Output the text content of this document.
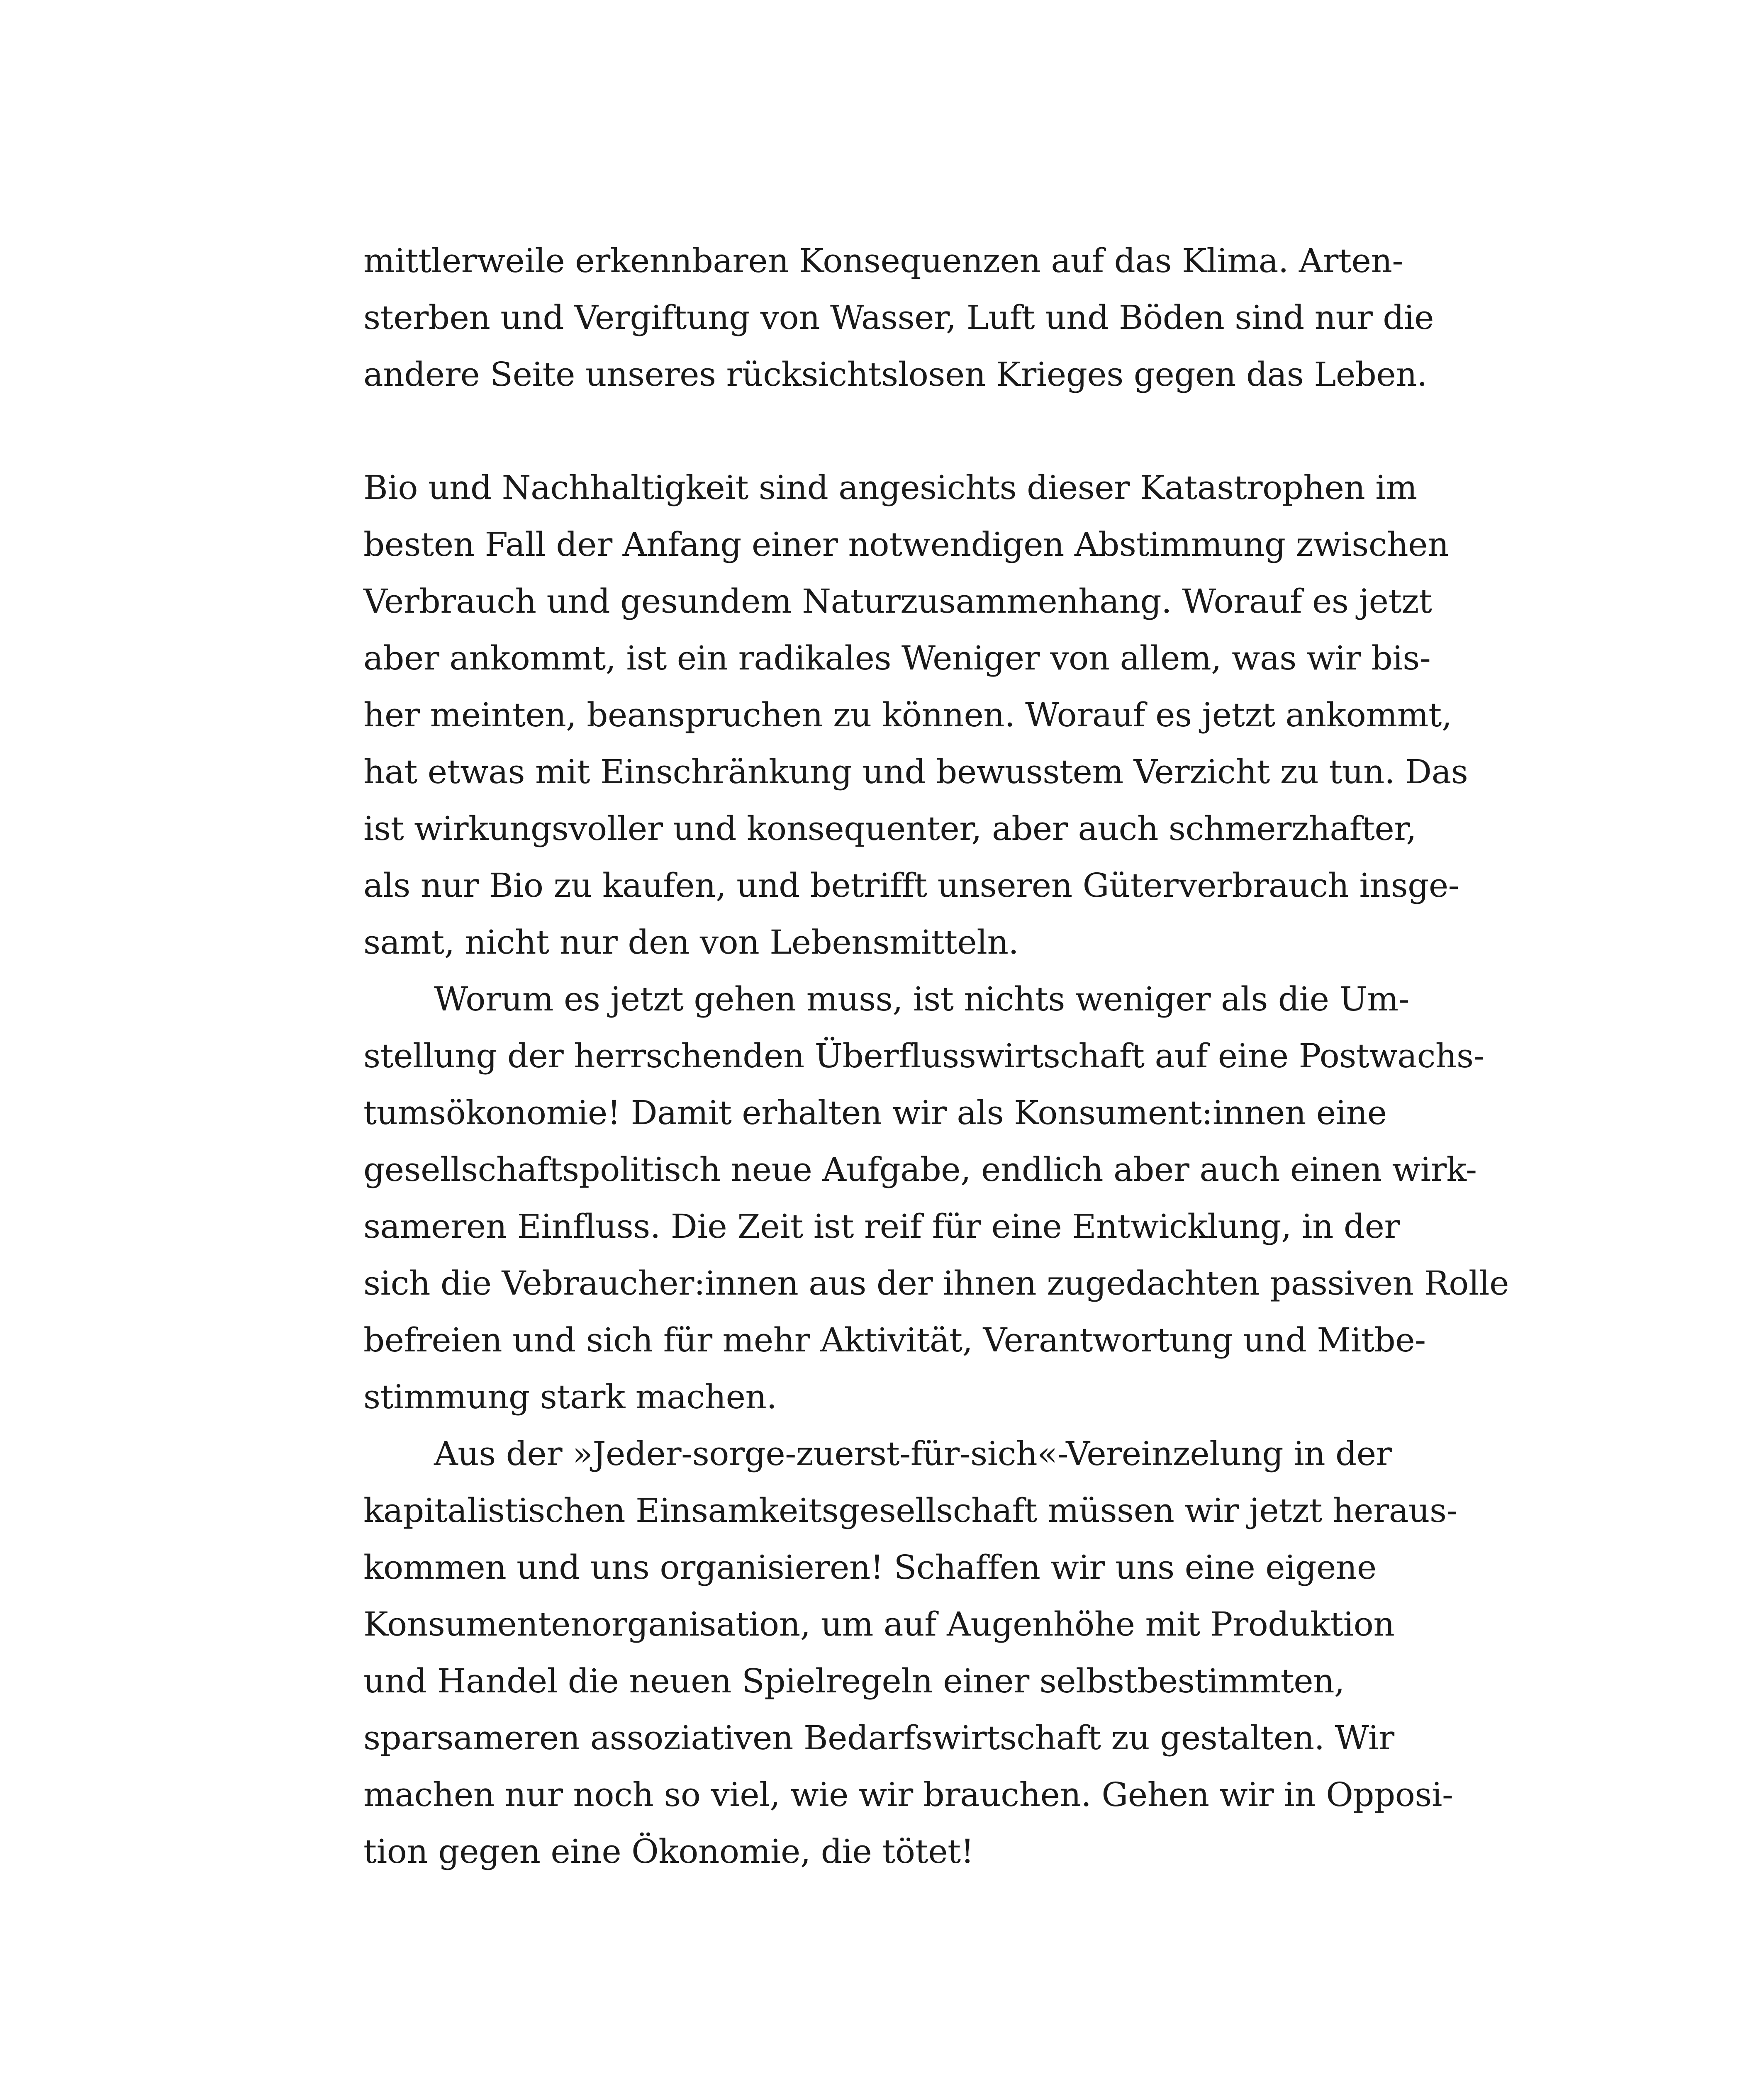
mittlerweile erkennbaren Konsequenzen auf das Klima. Arten-
sterben und Vergiftung von Wasser, Luft und Böden sind nur die
andere Seite unseres rücksichtslosen Krieges gegen das Leben.
Bio und Nachhaltigkeit sind angesichts dieser Katastrophen im
besten Fall der Anfang einer notwendigen Abstimmung zwischen
Verbrauch und gesundem Naturzusammenhang. Worauf es jetzt
aber ankommt, ist ein radikales Weniger von allem, was wir bis-
her meinten, beanspruchen zu können. Worauf es jetzt ankommt,
hat etwas mit Einschränkung und bewusstem Verzicht zu tun. Das
ist wirkungsvoller und konsequenter, aber auch schmerzhafter,
als nur Bio zu kaufen, und betrifft unseren Güterverbrauch insge-
samt, nicht nur den von Lebensmitteln.
Worum es jetzt gehen muss, ist nichts weniger als die Um-
stellung der herrschenden Überflusswirtschaft auf eine Postwachs-
tumsökonomie! Damit erhalten wir als Konsument:innen eine
gesellschaftspolitisch neue Aufgabe, endlich aber auch einen wirk-
sameren Einfluss. Die Zeit ist reif für eine Entwicklung, in der
sich die Vebraucher:innen aus der ihnen zugedachten passiven Rolle
befreien und sich für mehr Aktivität, Verantwortung und Mitbe-
stimmung stark machen.
Aus der »Jeder-sorge-zuerst-für-sich«-Vereinzelung in der
kapitalistischen Einsamkeitsgesellschaft müssen wir jetzt heraus-
kommen und uns organisieren! Schaffen wir uns eine eigene
Konsumentenorganisation, um auf Augenhöhe mit Produktion
und Handel die neuen Spielregeln einer selbstbestimmten,
sparsameren assoziativen Bedarfswirtschaft zu gestalten. Wir
machen nur noch so viel, wie wir brauchen. Gehen wir in Opposi-
tion gegen eine Ökonomie, die tötet!
